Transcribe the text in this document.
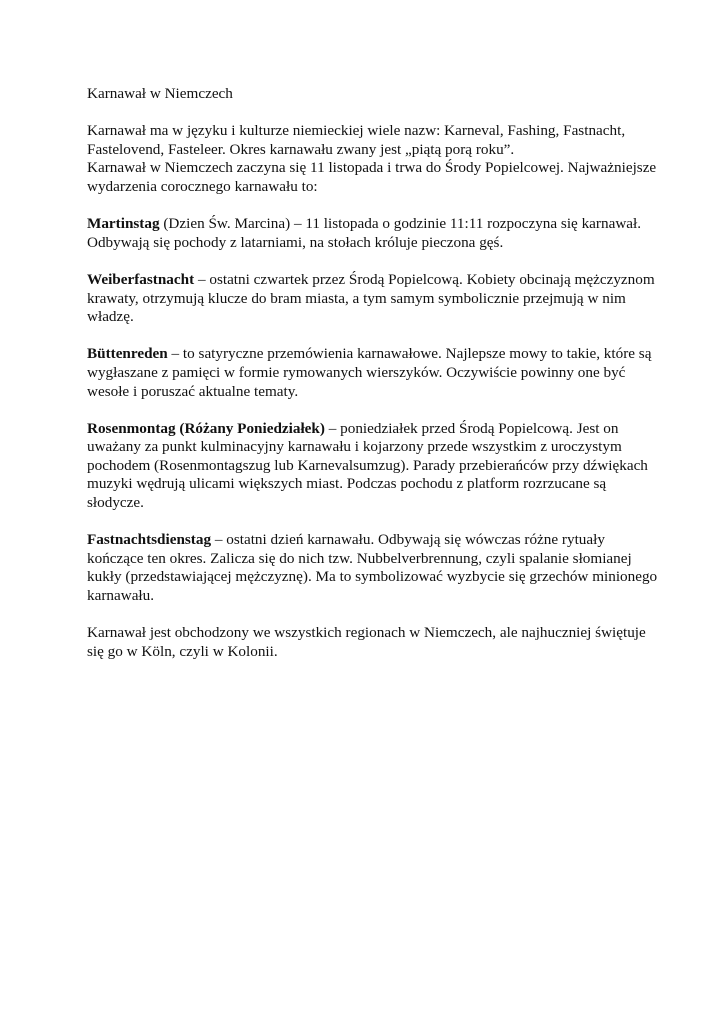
Karnawał w Niemczech

Karnawał ma w języku i kulturze niemieckiej wiele nazw: Karneval, Fashing, Fastnacht,
Fastelovend, Fasteleer. Okres karnawału zwany jest „piątą porą roku”.
Karnawał w Niemczech zaczyna się 11 listopada i trwa do Środy Popielcowej. Najważniejsze
wydarzenia corocznego karnawału to:

Martinstag (Dzien Św. Marcina) – 11 listopada o godzinie 11:11 rozpoczyna się karnawał.
Odbywają się pochody z latarniami, na stołach króluje pieczona gęś.

Weiberfastnacht – ostatni czwartek przez Środą Popielcową. Kobiety obcinają mężczyznom
krawaty, otrzymują klucze do bram miasta, a tym samym symbolicznie przejmują w nim
władzę.

Büttenreden – to satyryczne przemówienia karnawałowe. Najlepsze mowy to takie, które są
wygłaszane z pamięci w formie rymowanych wierszyków. Oczywiście powinny one być
wesołe i poruszać aktualne tematy.

Rosenmontag (Różany Poniedziałek) – poniedziałek przed Środą Popielcową. Jest on
uważany za punkt kulminacyjny karnawału i kojarzony przede wszystkim z uroczystym
pochodem (Rosenmontagszug lub Karnevalsumzug). Parady przebierańców przy dźwiękach
muzyki wędrują ulicami większych miast. Podczas pochodu z platform rozrzucane są
słodycze.

Fastnachtsdienstag – ostatni dzień karnawału. Odbywają się wówczas różne rytuały
kończące ten okres. Zalicza się do nich tzw. Nubbelverbrennung, czyli spalanie słomianej
kukły (przedstawiającej mężczyznę). Ma to symbolizować wyzbycie się grzechów minionego
karnawału.

Karnawał jest obchodzony we wszystkich regionach w Niemczech, ale najhuczniej świętuje
się go w Köln, czyli w Kolonii.
